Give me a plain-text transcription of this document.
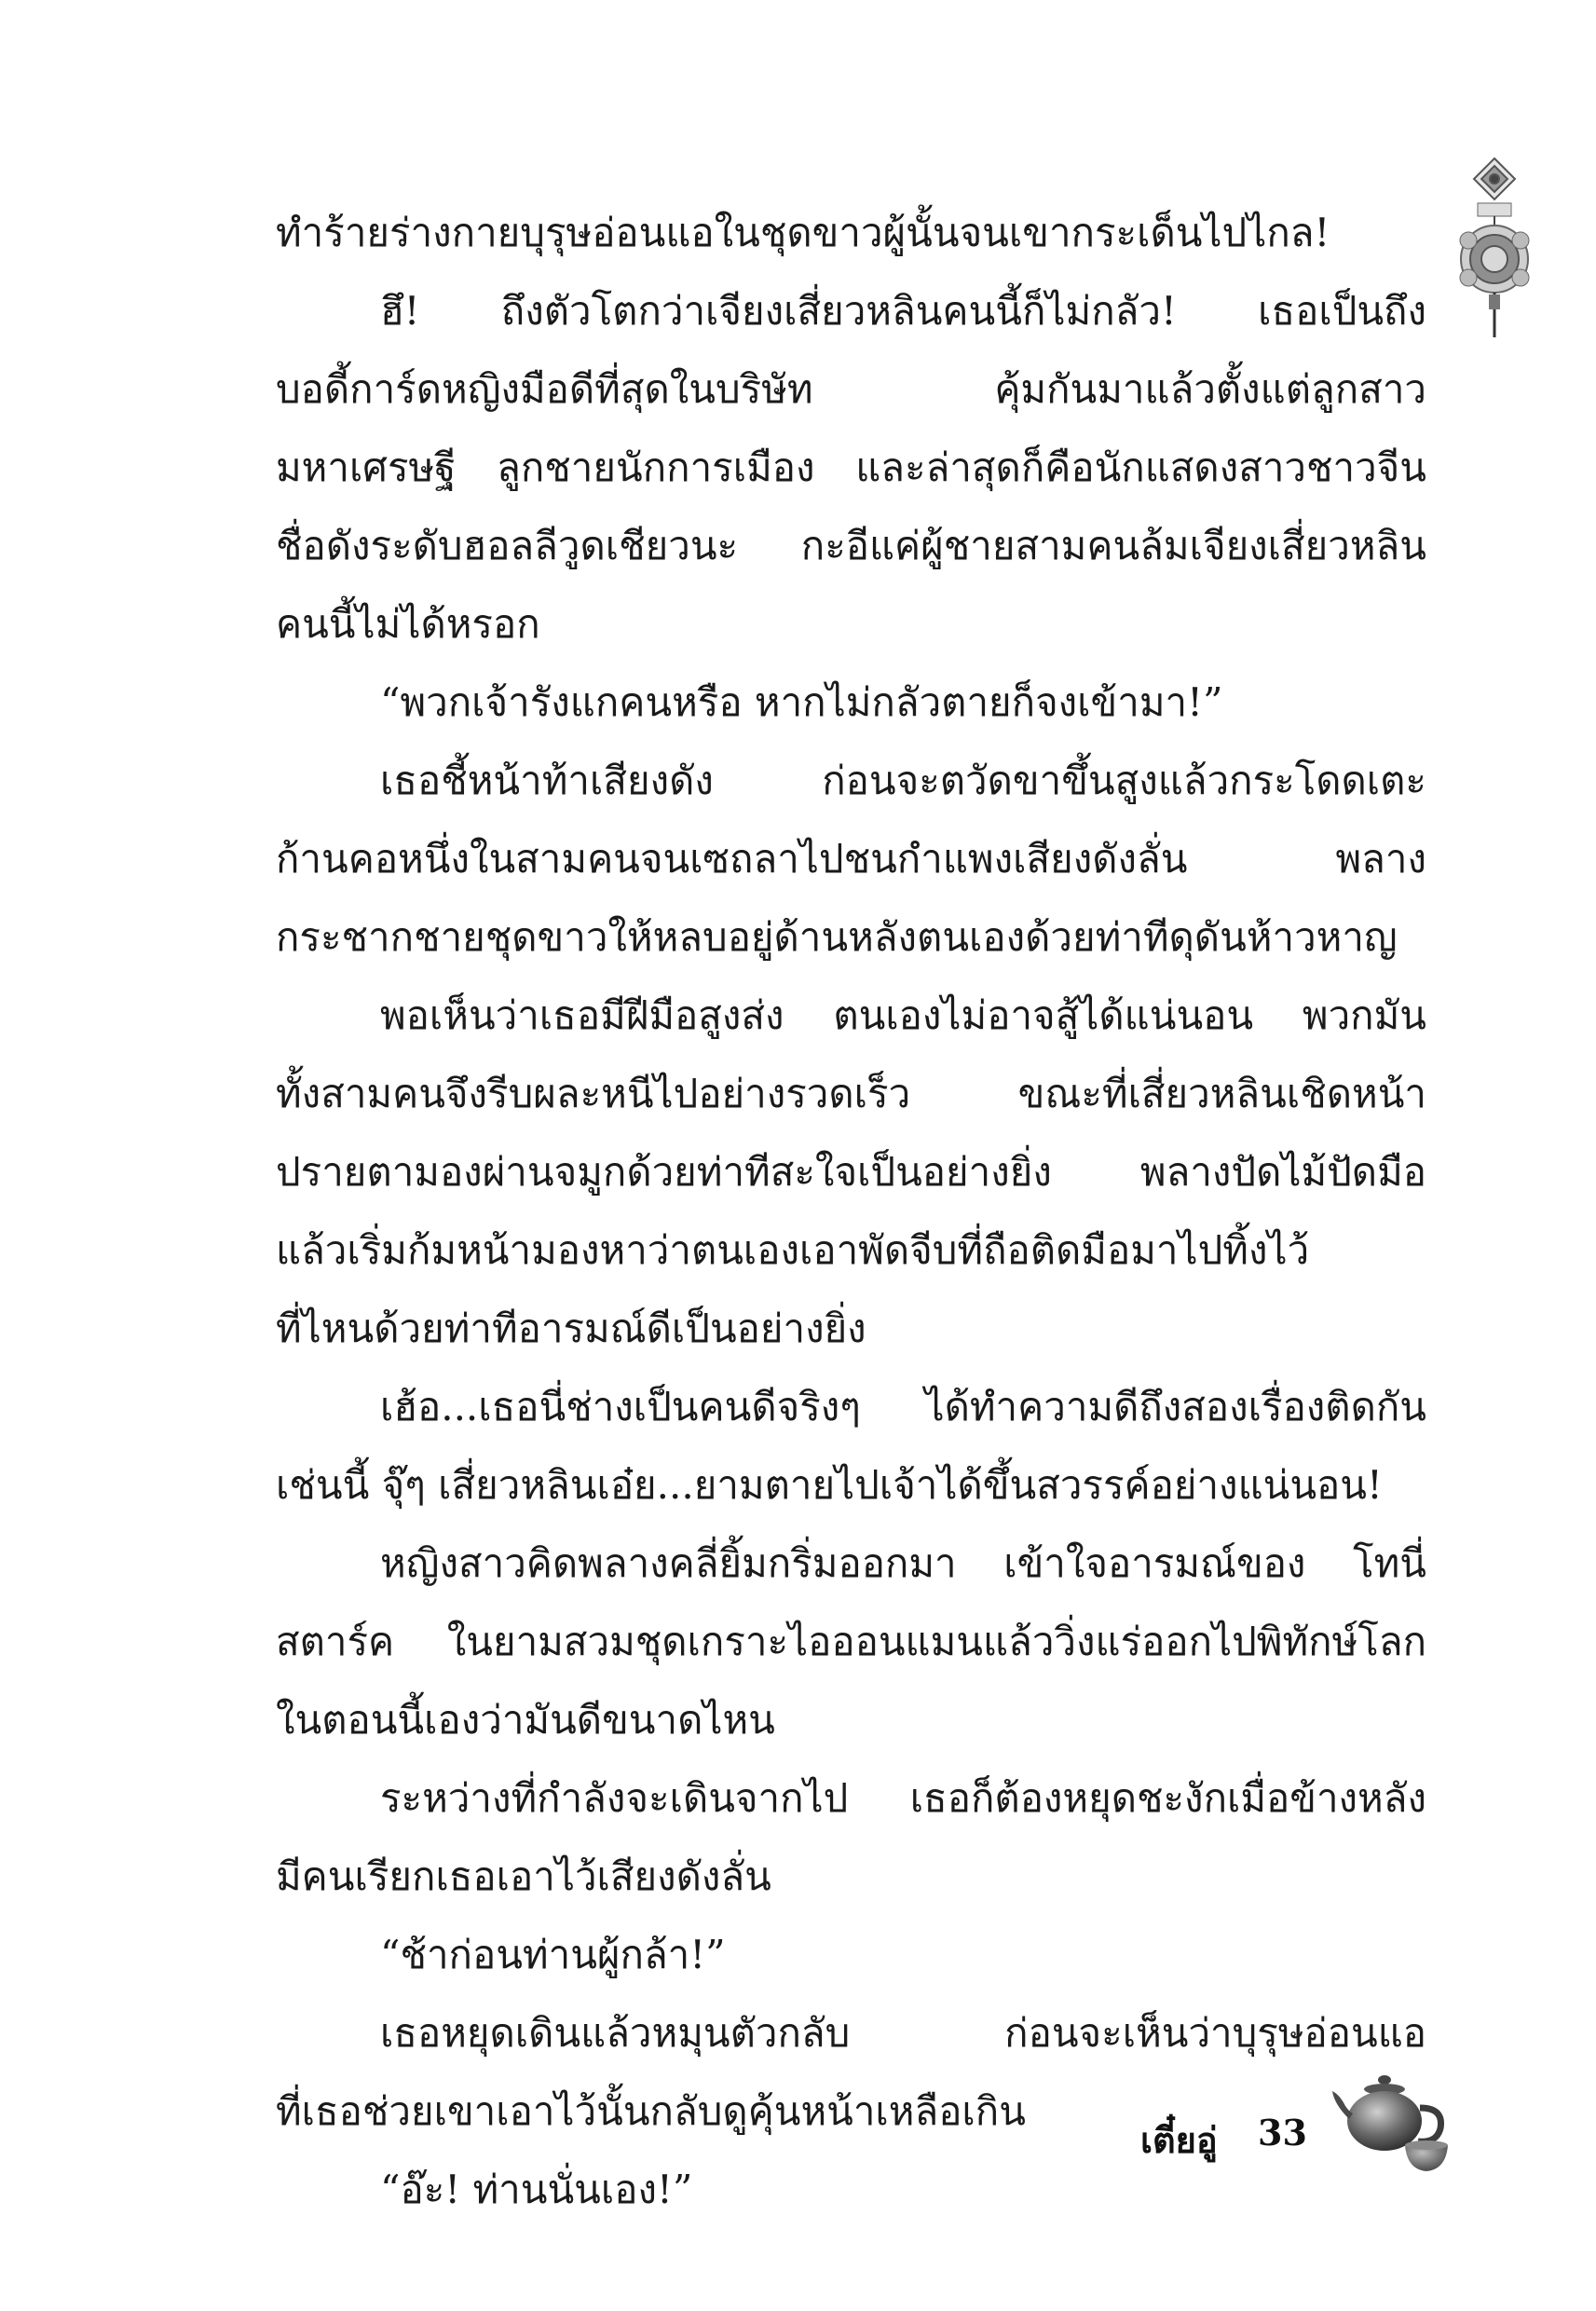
ทำร้ายร่างกายบุรุษอ่อนแอในชุดขาวผู้นั้นจนเขากระเด็นไปไกล!
ฮึ! ถึงตัวโตกว่าเจียงเสี่ยวหลินคนนี้ก็ไม่กลัว! เธอเป็นถึง
บอดี้การ์ดหญิงมือดีที่สุดในบริษัท คุ้มกันมาแล้วตั้งแต่ลูกสาว
มหาเศรษฐี ลูกชายนักการเมือง และล่าสุดก็คือนักแสดงสาวชาวจีน
ชื่อดังระดับฮอลลีวูดเชียวนะ กะอีแค่ผู้ชายสามคนล้มเจียงเสี่ยวหลิน
คนนี้ไม่ได้หรอก
“พวกเจ้ารังแกคนหรือ หากไม่กลัวตายก็จงเข้ามา!”
เธอชี้หน้าท้าเสียงดัง ก่อนจะตวัดขาขึ้นสูงแล้วกระโดดเตะ
ก้านคอหนึ่งในสามคนจนเซถลาไปชนกำแพงเสียงดังลั่น พลาง
กระชากชายชุดขาวให้หลบอยู่ด้านหลังตนเองด้วยท่าทีดุดันห้าวหาญ
พอเห็นว่าเธอมีฝีมือสูงส่ง ตนเองไม่อาจสู้ได้แน่นอน พวกมัน
ทั้งสามคนจึงรีบผละหนีไปอย่างรวดเร็ว ขณะที่เสี่ยวหลินเชิดหน้า
ปรายตามองผ่านจมูกด้วยท่าทีสะใจเป็นอย่างยิ่ง พลางปัดไม้ปัดมือ
แล้วเริ่มก้มหน้ามองหาว่าตนเองเอาพัดจีบที่ถือติดมือมาไปทิ้งไว้
ที่ไหนด้วยท่าทีอารมณ์ดีเป็นอย่างยิ่ง
เฮ้อ...เธอนี่ช่างเป็นคนดีจริงๆ ได้ทำความดีถึงสองเรื่องติดกัน
เช่นนี้ จุ๊ๆ เสี่ยวหลินเอ๋ย...ยามตายไปเจ้าได้ขึ้นสวรรค์อย่างแน่นอน!
หญิงสาวคิดพลางคลี่ยิ้มกริ่มออกมา เข้าใจอารมณ์ของ โทนี่
สตาร์ค ในยามสวมชุดเกราะไอออนแมนแล้ววิ่งแร่ออกไปพิทักษ์โลก
ในตอนนี้เองว่ามันดีขนาดไหน
ระหว่างที่กำลังจะเดินจากไป เธอก็ต้องหยุดชะงักเมื่อข้างหลัง
มีคนเรียกเธอเอาไว้เสียงดังลั่น
“ช้าก่อนท่านผู้กล้า!”
เธอหยุดเดินแล้วหมุนตัวกลับ ก่อนจะเห็นว่าบุรุษอ่อนแอ
ที่เธอช่วยเขาเอาไว้นั้นกลับดูคุ้นหน้าเหลือเกิน
“อ๊ะ! ท่านนั่นเอง!”
เตี๋ยอู่ 33
